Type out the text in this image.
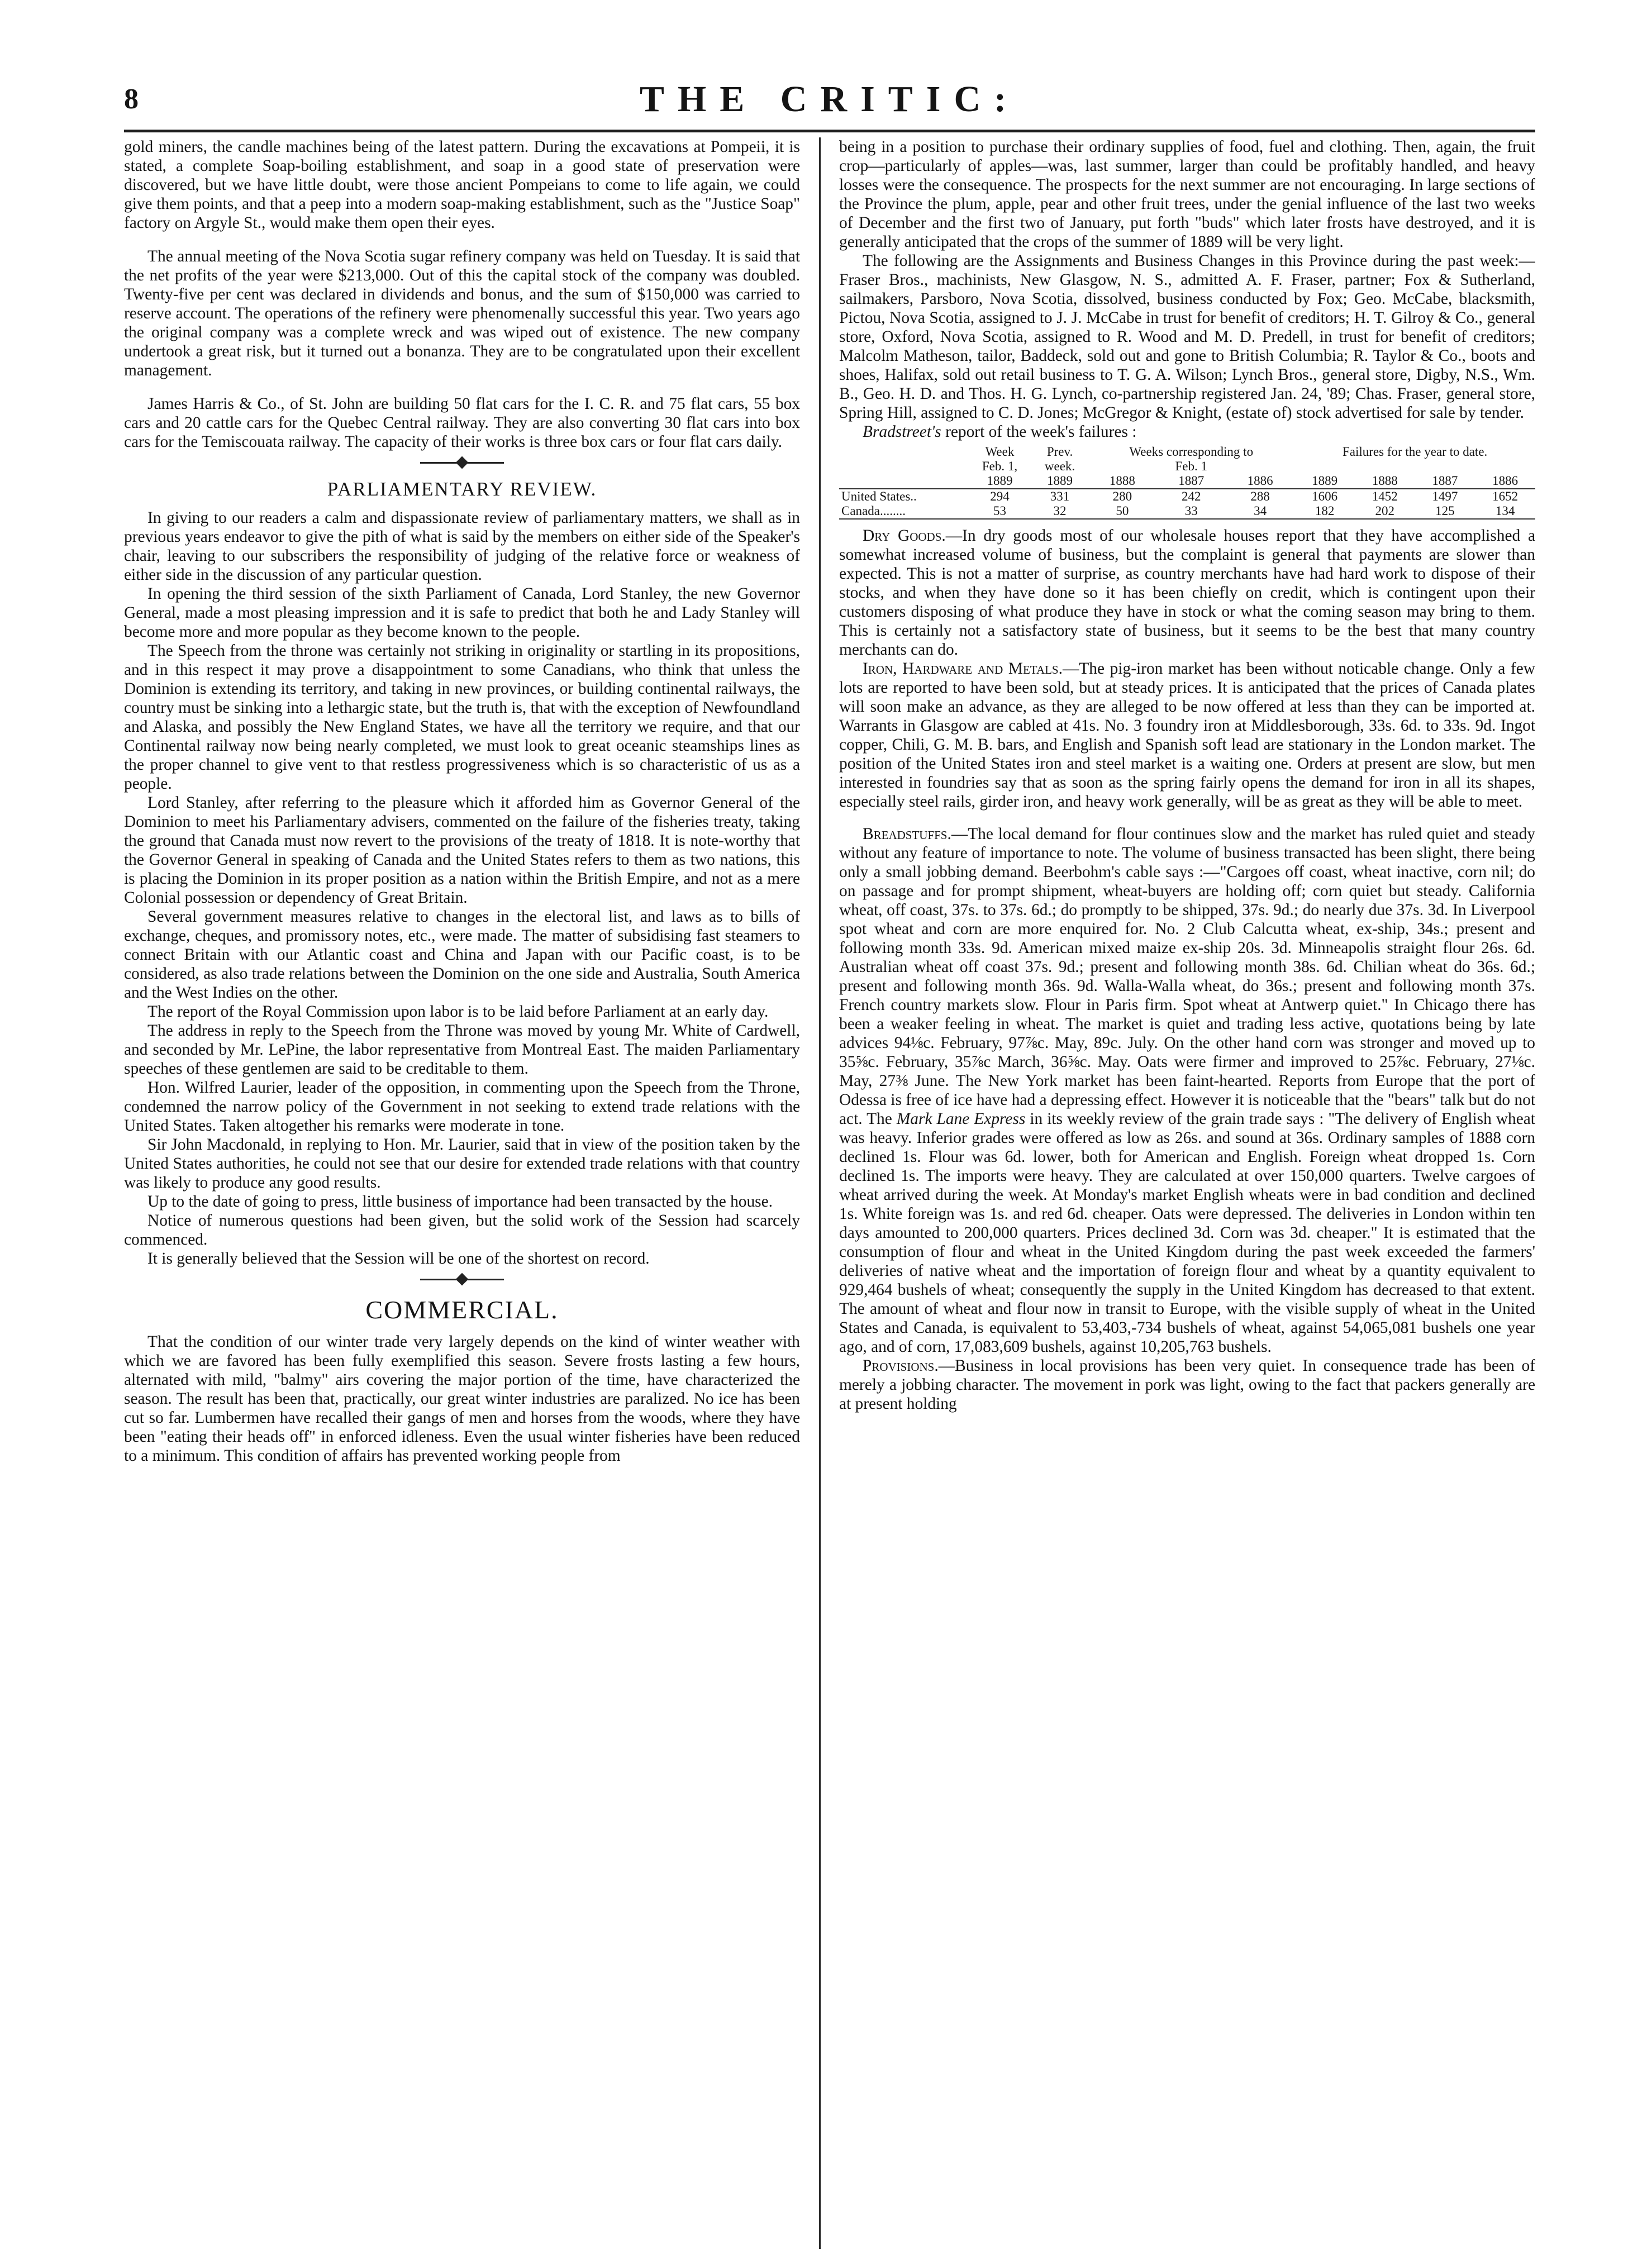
8	THE CRITIC:

gold miners, the candle machines being of the latest pattern. During the excavations at Pompeii, it is stated, a complete Soap-boiling establishment, and soap in a good state of preservation were discovered, but we have little doubt, were those ancient Pompeians to come to life again, we could give them points, and that a peep into a modern soap-making establishment, such as the "Justice Soap" factory on Argyle St., would make them open their eyes.

The annual meeting of the Nova Scotia sugar refinery company was held on Tuesday. It is said that the net profits of the year were $213,000. Out of this the capital stock of the company was doubled. Twenty-five per cent was declared in dividends and bonus, and the sum of $150,000 was carried to reserve account. The operations of the refinery were phenomenally successful this year. Two years ago the original company was a complete wreck and was wiped out of existence. The new company undertook a great risk, but it turned out a bonanza. They are to be congratulated upon their excellent management.

James Harris & Co., of St. John are building 50 flat cars for the I. C. R. and 75 flat cars, 55 box cars and 20 cattle cars for the Quebec Central railway. They are also converting 30 flat cars into box cars for the Temiscouata railway. The capacity of their works is three box cars or four flat cars daily.

PARLIAMENTARY REVIEW.

In giving to our readers a calm and dispassionate review of parliamentary matters, we shall as in previous years endeavor to give the pith of what is said by the members on either side of the Speaker's chair, leaving to our subscribers the responsibility of judging of the relative force or weakness of either side in the discussion of any particular question.

In opening the third session of the sixth Parliament of Canada, Lord Stanley, the new Governor General, made a most pleasing impression and it is safe to predict that both he and Lady Stanley will become more and more popular as they become known to the people.

The Speech from the throne was certainly not striking in originality or startling in its propositions, and in this respect it may prove a disappointment to some Canadians, who think that unless the Dominion is extending its territory, and taking in new provinces, or building continental railways, the country must be sinking into a lethargic state, but the truth is, that with the exception of Newfoundland and Alaska, and possibly the New England States, we have all the territory we require, and that our Continental railway now being nearly completed, we must look to great oceanic steamships lines as the proper channel to give vent to that restless progressiveness which is so characteristic of us as a people.

Lord Stanley, after referring to the pleasure which it afforded him as Governor General of the Dominion to meet his Parliamentary advisers, commented on the failure of the fisheries treaty, taking the ground that Canada must now revert to the provisions of the treaty of 1818. It is note-worthy that the Governor General in speaking of Canada and the United States refers to them as two nations, this is placing the Dominion in its proper position as a nation within the British Empire, and not as a mere Colonial possession or dependency of Great Britain.

Several government measures relative to changes in the electoral list, and laws as to bills of exchange, cheques, and promissory notes, etc., were made. The matter of subsidising fast steamers to connect Britain with our Atlantic coast and China and Japan with our Pacific coast, is to be considered, as also trade relations between the Dominion on the one side and Australia, South America and the West Indies on the other.

The report of the Royal Commission upon labor is to be laid before Parliament at an early day.

The address in reply to the Speech from the Throne was moved by young Mr. White of Cardwell, and seconded by Mr. LePine, the labor representative from Montreal East. The maiden Parliamentary speeches of these gentlemen are said to be creditable to them.

Hon. Wilfred Laurier, leader of the opposition, in commenting upon the Speech from the Throne, condemned the narrow policy of the Government in not seeking to extend trade relations with the United States. Taken altogether his remarks were moderate in tone.

Sir John Macdonald, in replying to Hon. Mr. Laurier, said that in view of the position taken by the United States authorities, he could not see that our desire for extended trade relations with that country was likely to produce any good results.

Up to the date of going to press, little business of importance had been transacted by the house.

Notice of numerous questions had been given, but the solid work of the Session had scarcely commenced.

It is generally believed that the Session will be one of the shortest on record.

COMMERCIAL.

That the condition of our winter trade very largely depends on the kind of winter weather with which we are favored has been fully exemplified this season. Severe frosts lasting a few hours, alternated with mild, "balmy" airs covering the major portion of the time, have characterized the season. The result has been that, practically, our great winter industries are paralized. No ice has been cut so far. Lumbermen have recalled their gangs of men and horses from the woods, where they have been "eating their heads off" in enforced idleness. Even the usual winter fisheries have been reduced to a minimum. This condition of affairs has prevented working people from

being in a position to purchase their ordinary supplies of food, fuel and clothing. Then, again, the fruit crop—particularly of apples—was, last summer, larger than could be profitably handled, and heavy losses were the consequence. The prospects for the next summer are not encouraging. In large sections of the Province the plum, apple, pear and other fruit trees, under the genial influence of the last two weeks of December and the first two of January, put forth "buds" which later frosts have destroyed, and it is generally anticipated that the crops of the summer of 1889 will be very light.

The following are the Assignments and Business Changes in this Province during the past week:—Fraser Bros., machinists, New Glasgow, N. S., admitted A. F. Fraser, partner; Fox & Sutherland, sailmakers, Parsboro, Nova Scotia, dissolved, business conducted by Fox; Geo. McCabe, blacksmith, Pictou, Nova Scotia, assigned to J. J. McCabe in trust for benefit of creditors; H. T. Gilroy & Co., general store, Oxford, Nova Scotia, assigned to R. Wood and M. D. Predell, in trust for benefit of creditors; Malcolm Matheson, tailor, Baddeck, sold out and gone to British Columbia; R. Taylor & Co., boots and shoes, Halifax, sold out retail business to T. G. A. Wilson; Lynch Bros., general store, Digby, N.S., Wm. B., Geo. H. D. and Thos. H. G. Lynch, co-partnership registered Jan. 24, '89; Chas. Fraser, general store, Spring Hill, assigned to C. D. Jones; McGregor & Knight, (estate of) stock advertised for sale by tender.

Bradstreet's report of the week's failures :

	Week	Prev.	Weeks corresponding to			Failures for the year to date.			
	Feb. 1,	week.	Feb. 1						
	1889	1889	1888	1887	1886	1889	1888	1887	1886
United States..	294	331	280	242	288	1606	1452	1497	1652
Canada........	53	32	50	33	34	182	202	125	134

Dry Goods.—In dry goods most of our wholesale houses report that they have accomplished a somewhat increased volume of business, but the complaint is general that payments are slower than expected. This is not a matter of surprise, as country merchants have had hard work to dispose of their stocks, and when they have done so it has been chiefly on credit, which is contingent upon their customers disposing of what produce they have in stock or what the coming season may bring to them. This is certainly not a satisfactory state of business, but it seems to be the best that many country merchants can do.

Iron, Hardware and Metals.—The pig-iron market has been without noticable change. Only a few lots are reported to have been sold, but at steady prices. It is anticipated that the prices of Canada plates will soon make an advance, as they are alleged to be now offered at less than they can be imported at. Warrants in Glasgow are cabled at 41s. No. 3 foundry iron at Middlesborough, 33s. 6d. to 33s. 9d. Ingot copper, Chili, G. M. B. bars, and English and Spanish soft lead are stationary in the London market. The position of the United States iron and steel market is a waiting one. Orders at present are slow, but men interested in foundries say that as soon as the spring fairly opens the demand for iron in all its shapes, especially steel rails, girder iron, and heavy work generally, will be as great as they will be able to meet.

Breadstuffs.—The local demand for flour continues slow and the market has ruled quiet and steady without any feature of importance to note. The volume of business transacted has been slight, there being only a small jobbing demand. Beerbohm's cable says :—"Cargoes off coast, wheat inactive, corn nil; do on passage and for prompt shipment, wheat-buyers are holding off; corn quiet but steady. California wheat, off coast, 37s. to 37s. 6d.; do promptly to be shipped, 37s. 9d.; do nearly due 37s. 3d. In Liverpool spot wheat and corn are more enquired for. No. 2 Club Calcutta wheat, ex-ship, 34s.; present and following month 33s. 9d. American mixed maize ex-ship 20s. 3d. Minneapolis straight flour 26s. 6d. Australian wheat off coast 37s. 9d.; present and following month 38s. 6d. Chilian wheat do 36s. 6d.; present and following month 36s. 9d. Walla-Walla wheat, do 36s.; present and following month 37s. French country markets slow. Flour in Paris firm. Spot wheat at Antwerp quiet." In Chicago there has been a weaker feeling in wheat. The market is quiet and trading less active, quotations being by late advices 94⅛c. February, 97⅞c. May, 89c. July. On the other hand corn was stronger and moved up to 35⅝c. February, 35⅞c March, 36⅝c. May. Oats were firmer and improved to 25⅞c. February, 27⅛c. May, 27⅜ June. The New York market has been faint-hearted. Reports from Europe that the port of Odessa is free of ice have had a depressing effect. However it is noticeable that the "bears" talk but do not act. The Mark Lane Express in its weekly review of the grain trade says : "The delivery of English wheat was heavy. Inferior grades were offered as low as 26s. and sound at 36s. Ordinary samples of 1888 corn declined 1s. Flour was 6d. lower, both for American and English. Foreign wheat dropped 1s. Corn declined 1s. The imports were heavy. They are calculated at over 150,000 quarters. Twelve cargoes of wheat arrived during the week. At Monday's market English wheats were in bad condition and declined 1s. White foreign was 1s. and red 6d. cheaper. Oats were depressed. The deliveries in London within ten days amounted to 200,000 quarters. Prices declined 3d. Corn was 3d. cheaper." It is estimated that the consumption of flour and wheat in the United Kingdom during the past week exceeded the farmers' deliveries of native wheat and the importation of foreign flour and wheat by a quantity equivalent to 929,464 bushels of wheat; consequently the supply in the United Kingdom has decreased to that extent. The amount of wheat and flour now in transit to Europe, with the visible supply of wheat in the United States and Canada, is equivalent to 53,403,-734 bushels of wheat, against 54,065,081 bushels one year ago, and of corn, 17,083,609 bushels, against 10,205,763 bushels.

Provisions.—Business in local provisions has been very quiet. In consequence trade has been of merely a jobbing character. The movement in pork was light, owing to the fact that packers generally are at present holding
